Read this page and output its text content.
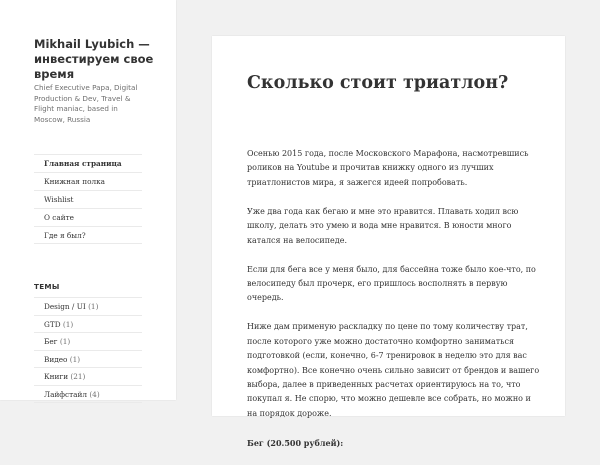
Mikhail Lyubich — инвестируем свое время
Chief Executive Papa, Digital Production & Dev, Travel & Flight maniac, based in Moscow, Russia
Главная страница
Книжная полка
Wishlist
О сайте
Где я был?
ТЕМЫ
Design / UI (1)
GTD (1)
Бег (1)
Видео (1)
Книги (21)
Лайфстайл (4)
Сколько стоит триатлон?

Осенью 2015 года, после Московского Марафона, насмотревшись роликов на Youtube и прочитав книжку одного из лучших триатлонистов мира, я зажегся идеей попробовать.

Уже два года как бегаю и мне это нравится. Плавать ходил всю школу, делать это умею и вода мне нравится. В юности много катался на велосипеде.

Если для бега все у меня было, для бассейна тоже было кое-что, по велосипеду был прочерк, его пришлось восполнять в первую очередь.

Ниже дам применую раскладку по цене по тому количеству трат, после которого уже можно достаточно комфортно заниматься подготовкой (если, конечно, 6-7 тренировок в неделю это для вас комфортно). Все конечно очень сильно зависит от брендов и вашего выбора, далее в приведенных расчетах ориентируюсь на то, что покупал я. Не спорю, что можно дешевле все собрать, но можно и на порядок дороже.

Бег (20.500 рублей):
